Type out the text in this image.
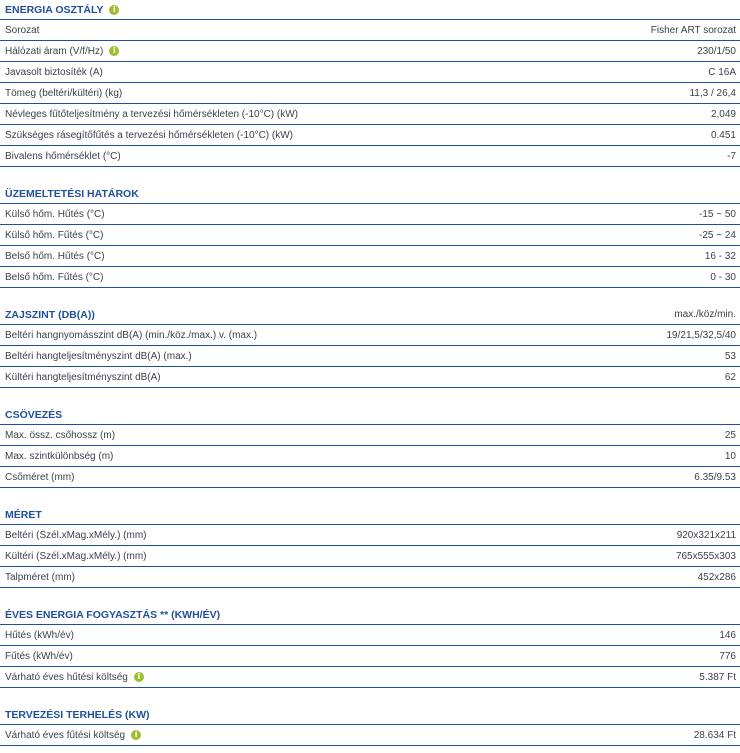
ENERGIA OSZTÁLY	i
Sorozat	Fisher ART sorozat
Hálózati áram (V/f/Hz)	i	230/1/50
Javasolt biztosíték (A)	C 16A
Tömeg (beltéri/kültéri) (kg)	11,3 / 26,4
Névleges fűtőteljesítmény a tervezési hőmérsékleten (-10°C) (kW)	2,049
Szükséges rásegítőfűtés a tervezési hőmérsékleten (-10°C) (kW)	0.451
Bivalens hőmérséklet (°C)	-7
ÜZEMELTETÉSI HATÁROK
Külső hőm. Hűtés (°C)	-15 ~ 50
Külső hőm. Fűtés (°C)	-25 ~ 24
Belső hőm. Hűtés (°C)	16 - 32
Belső hőm. Fűtés (°C)	0 - 30
ZAJSZINT (DB(A))	max./köz/min.
Beltéri hangnyomásszint dB(A) (min./köz./max.) v. (max.)	19/21,5/32,5/40
Beltéri hangteljesítményszint dB(A) (max.)	53
Kültéri hangteljesítményszint dB(A)	62
CSÖVEZÉS
Max. össz. csőhossz (m)	25
Max. szintkülönbség (m)	10
Csőméret (mm)	6.35/9.53
MÉRET
Beltéri (Szél.xMag.xMély.) (mm)	920x321x211
Kültéri (Szél.xMag.xMély.) (mm)	765x555x303
Talpméret (mm)	452x286
ÉVES ENERGIA FOGYASZTÁS ** (KWH/ÉV)
Hűtés (kWh/év)	146
Fűtés (kWh/év)	776
Várható éves hűtési költség	i	5.387 Ft
TERVEZÉSI TERHELÉS (KW)
Várható éves fűtési költség	i	28.634 Ft
